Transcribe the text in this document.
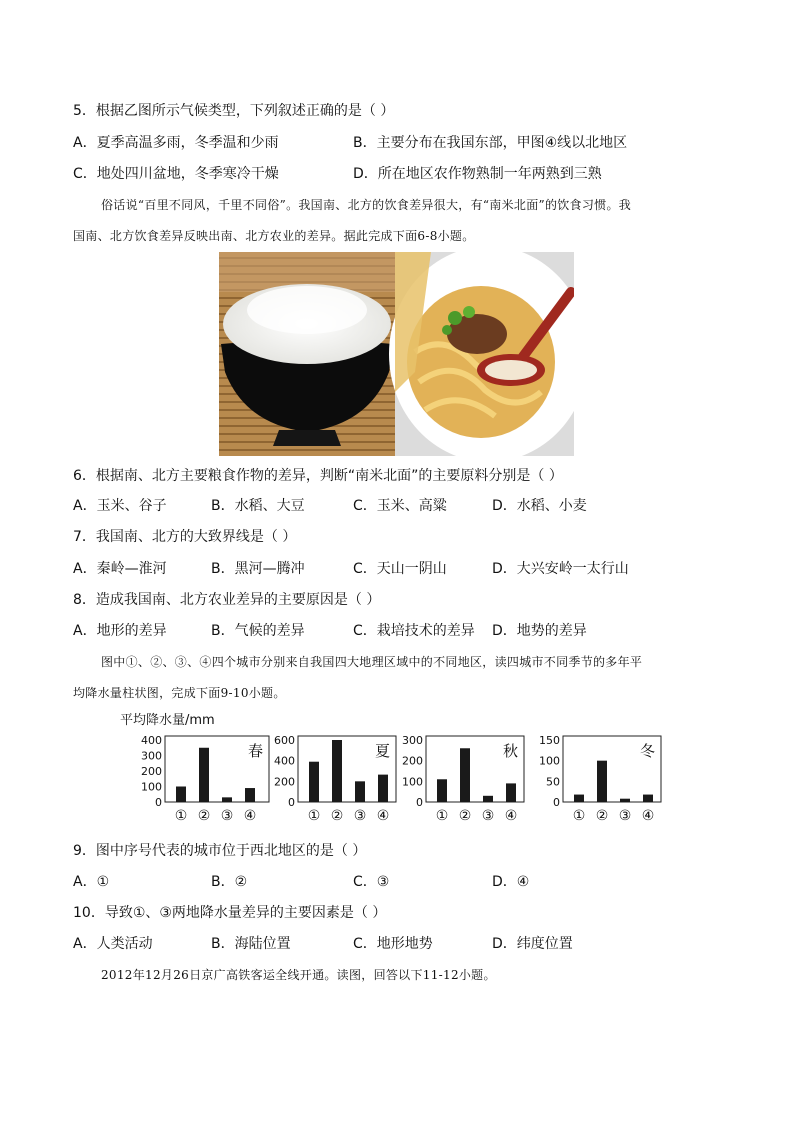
5．根据乙图所示气候类型，下列叙述正确的是（ ）
A．夏季高温多雨，冬季温和少雨	B．主要分布在我国东部，甲图④线以北地区
C．地处四川盆地，冬季寒冷干燥	D．所在地区农作物熟制一年两熟到三熟
俗话说“百里不同风，千里不同俗”。我国南、北方的饮食差异很大，有“南米北面”的饮食习惯。我
国南、北方饮食差异反映出南、北方农业的差异。据此完成下面6-8小题。
6．根据南、北方主要粮食作物的差异，判断“南米北面”的主要原料分别是（ ）
A．玉米、谷子	B．水稻、大豆	C．玉米、高粱	D．水稻、小麦
7．我国南、北方的大致界线是（ ）
A．秦岭—淮河	B．黑河—腾冲	C．天山一阴山	D．大兴安岭一太行山
8．造成我国南、北方农业差异的主要原因是（ ）
A．地形的差异	B．气候的差异	C．栽培技术的差异 D．地势的差异
图中①、②、③、④四个城市分别来自我国四大地理区域中的不同地区，读四城市不同季节的多年平
均降水量柱状图，完成下面9-10小题。
平均降水量/mm
0
100
200
300
400
春
① ② ③ ④
0
200
400
600
夏
① ② ③ ④
0
100
200
300
秋
① ② ③ ④
0
50
100
150
冬
① ② ③ ④
9．图中序号代表的城市位于西北地区的是（ ）
A．①	B．②	C．③	D．④
10．导致①、③两地降水量差异的主要因素是（ ）
A．人类活动	B．海陆位置	C．地形地势	D．纬度位置
2012年12月26日京广高铁客运全线开通。读图，回答以下11-12小题。
